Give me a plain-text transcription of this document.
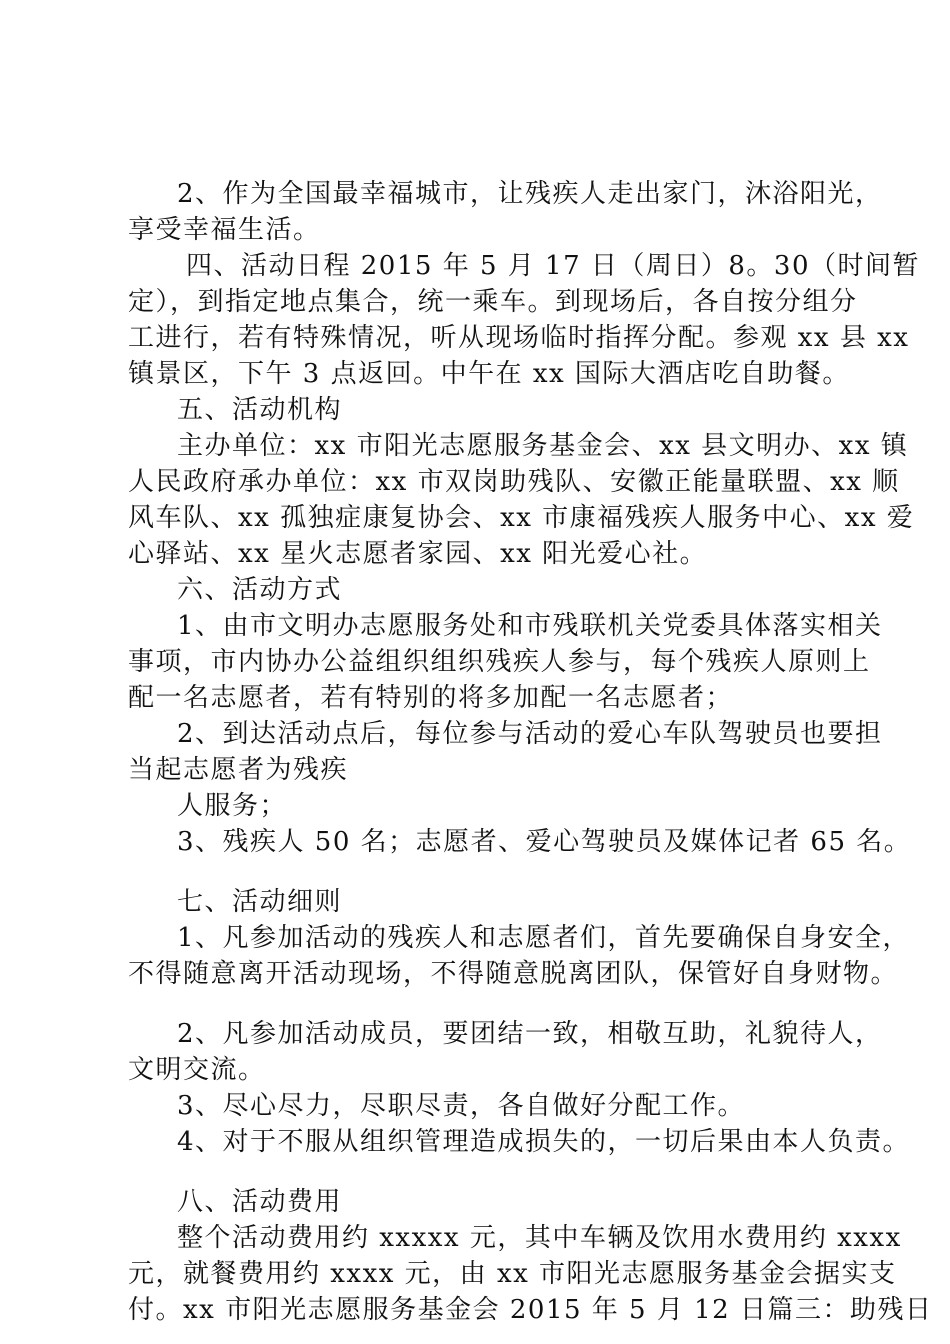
2、作为全国最幸福城市，让残疾人走出家门，沐浴阳光，
享受幸福生活。
四、活动日程 2015 年 5 月 17 日（周日）8。30（时间暂
定），到指定地点集合，统一乘车。到现场后，各自按分组分
工进行，若有特殊情况，听从现场临时指挥分配。参观 xx 县 xx
镇景区，下午 3 点返回。中午在 xx 国际大酒店吃自助餐。
五、活动机构
主办单位：xx 市阳光志愿服务基金会、xx 县文明办、xx 镇
人民政府承办单位：xx 市双岗助残队、安徽正能量联盟、xx 顺
风车队、xx 孤独症康复协会、xx 市康福残疾人服务中心、xx 爱
心驿站、xx 星火志愿者家园、xx 阳光爱心社。
六、活动方式
1、由市文明办志愿服务处和市残联机关党委具体落实相关
事项，市内协办公益组织组织残疾人参与，每个残疾人原则上
配一名志愿者，若有特别的将多加配一名志愿者；
2、到达活动点后，每位参与活动的爱心车队驾驶员也要担
当起志愿者为残疾
人服务；
3、残疾人 50 名；志愿者、爱心驾驶员及媒体记者 65 名。
七、活动细则
1、凡参加活动的残疾人和志愿者们，首先要确保自身安全，
不得随意离开活动现场，不得随意脱离团队，保管好自身财物。
2、凡参加活动成员，要团结一致，相敬互助，礼貌待人，
文明交流。
3、尽心尽力，尽职尽责，各自做好分配工作。
4、对于不服从组织管理造成损失的，一切后果由本人负责。
八、活动费用
整个活动费用约 xxxxx 元，其中车辆及饮用水费用约 xxxx
元，就餐费用约 xxxx 元，由 xx 市阳光志愿服务基金会据实支
付。xx 市阳光志愿服务基金会 2015 年 5 月 12 日篇三：助残日
